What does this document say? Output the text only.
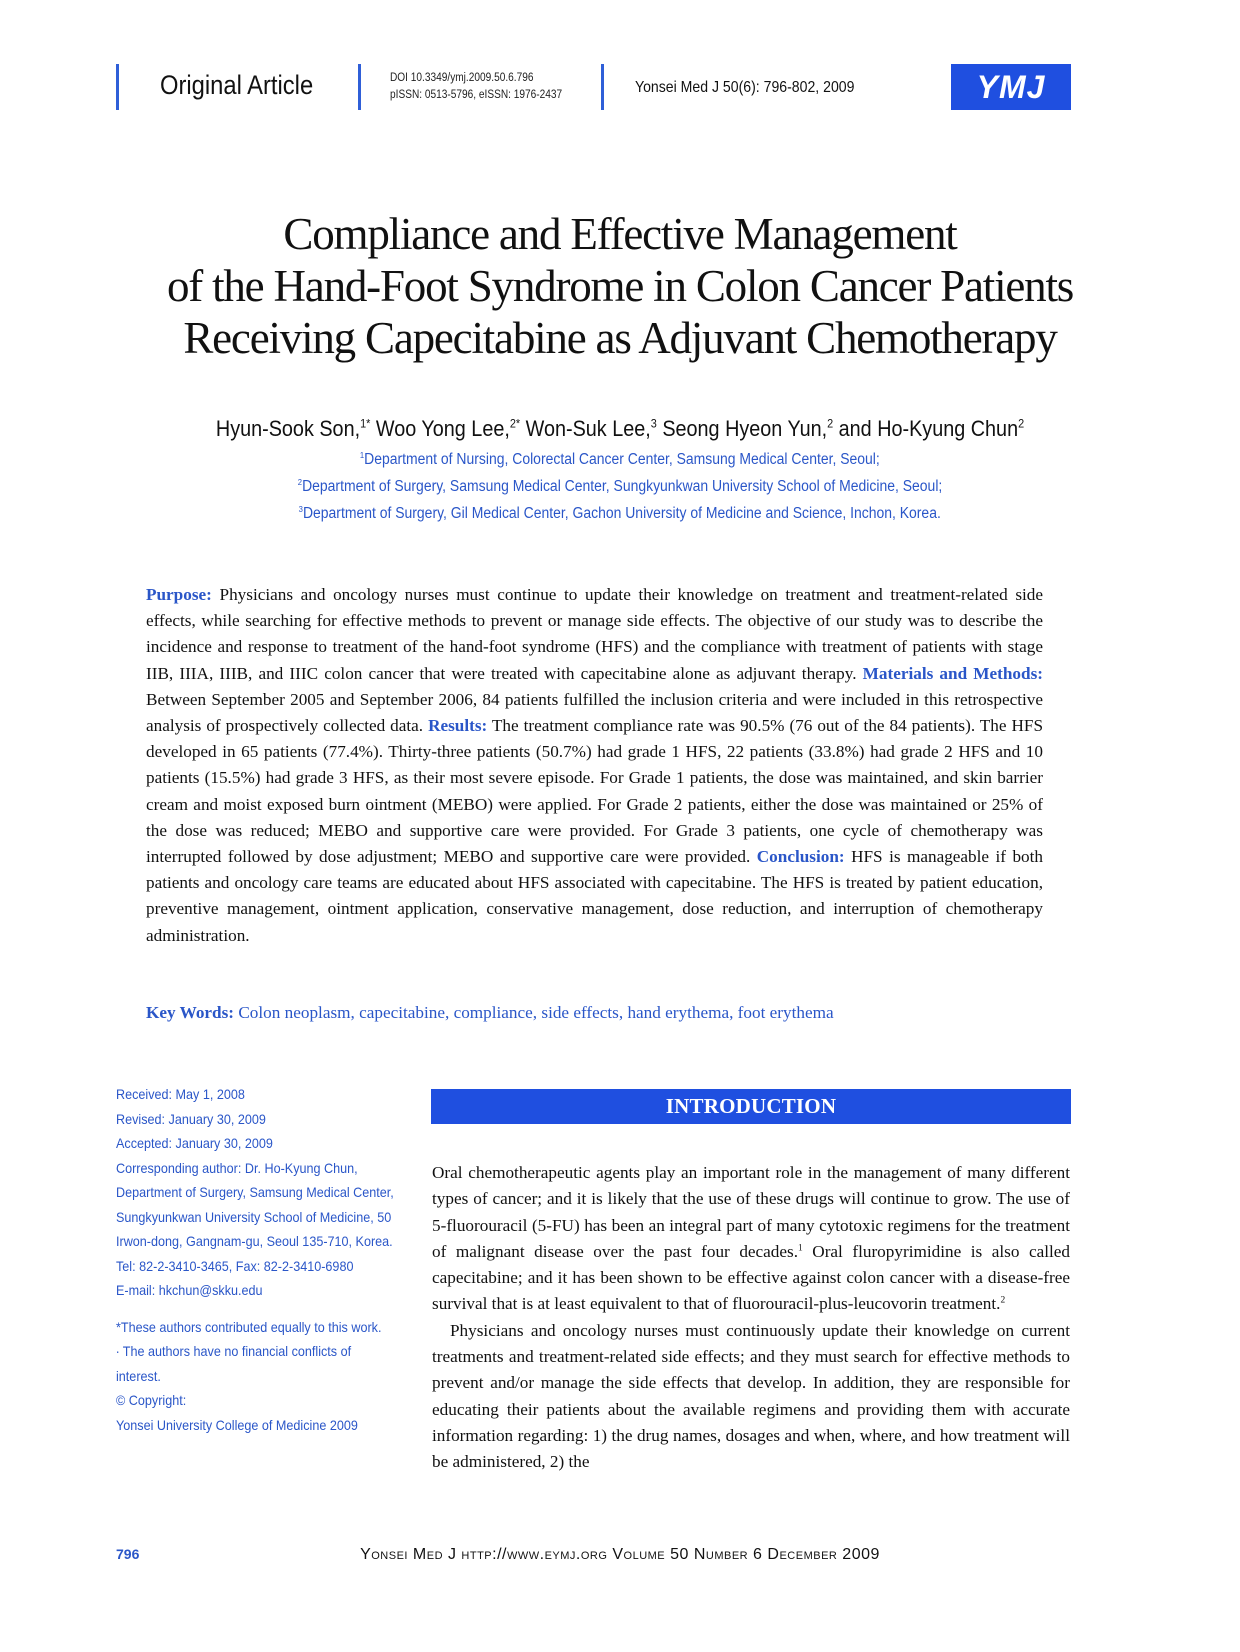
Original Article	DOI 10.3349/ymj.2009.50.6.796
pISSN: 0513-5796, eISSN: 1976-2437	Yonsei Med J 50(6): 796-802, 2009	YMJ
Compliance and Effective Management
of the Hand-Foot Syndrome in Colon Cancer Patients
Receiving Capecitabine as Adjuvant Chemotherapy
Hyun-Sook Son,$^{1*}$ Woo Yong Lee,$^{2*}$ Won-Suk Lee,$^3$ Seong Hyeon Yun,$^2$ and Ho-Kyung Chun$^2$
$^1$Department of Nursing, Colorectal Cancer Center, Samsung Medical Center, Seoul;
$^2$Department of Surgery, Samsung Medical Center, Sungkyunkwan University School of Medicine, Seoul;
$^3$Department of Surgery, Gil Medical Center, Gachon University of Medicine and Science, Inchon, Korea.
Purpose: Physicians and oncology nurses must continue to update their knowledge on treatment and treatment-related side effects, while searching for effective methods to prevent or manage side effects. The objective of our study was to describe the incidence and response to treatment of the hand-foot syndrome (HFS) and the compliance with treatment of patients with stage IIB, IIIA, IIIB, and IIIC colon cancer that were treated with capecitabine alone as adjuvant therapy. Materials and Methods: Between September 2005 and September 2006, 84 patients fulfilled the inclusion criteria and were included in this retrospective analysis of prospectively collected data. Results: The treatment compliance rate was 90.5% (76 out of the 84 patients). The HFS developed in 65 patients (77.4%). Thirty-three patients (50.7%) had grade 1 HFS, 22 patients (33.8%) had grade 2 HFS and 10 patients (15.5%) had grade 3 HFS, as their most severe episode. For Grade 1 patients, the dose was maintained, and skin barrier cream and moist exposed burn ointment (MEBO) were applied. For Grade 2 patients, either the dose was maintained or 25% of the dose was reduced; MEBO and supportive care were provided. For Grade 3 patients, one cycle of chemotherapy was interrupted followed by dose adjustment; MEBO and supportive care were provided. Conclusion: HFS is manageable if both patients and oncology care teams are educated about HFS associated with capecitabine. The HFS is treated by patient education, preventive management, ointment application, conservative management, dose reduction, and interruption of chemotherapy administration.
Key Words: Colon neoplasm, capecitabine, compliance, side effects, hand erythema, foot erythema

Received: May 1, 2008

Revised: January 30, 2009

Accepted: January 30, 2009

Corresponding author: Dr. Ho-Kyung Chun, Department of Surgery, Samsung Medical Center, Sungkyunkwan University School of Medicine, 50 Irwon-dong, Gangnam-gu, Seoul 135-710, Korea.

Tel: 82-2-3410-3465, Fax: 82-2-3410-6980

E-mail: hkchun@skku.edu

*These authors contributed equally to this work.

∙ The authors have no financial conflicts of interest.

© Copyright:

Yonsei University College of Medicine 2009

INTRODUCTION

Oral chemotherapeutic agents play an important role in the management of many different types of cancer; and it is likely that the use of these drugs will continue to grow. The use of 5-fluorouracil (5-FU) has been an integral part of many cytotoxic regimens for the treatment of malignant disease over the past four decades.$^1$ Oral fluropyrimidine is also called capecitabine; and it has been shown to be effective against colon cancer with a disease-free survival that is at least equivalent to that of fluorouracil-plus-leucovorin treatment.$^2$

Physicians and oncology nurses must continuously update their knowledge on current treatments and treatment-related side effects; and they must search for effective methods to prevent and/or manage the side effects that develop. In addition, they are responsible for educating their patients about the available regimens and providing them with accurate information regarding: 1) the drug names, dosages and when, where, and how treatment will be administered, 2) the

796	Yonsei Med J http://www.eymj.org Volume 50 Number 6 December 2009
